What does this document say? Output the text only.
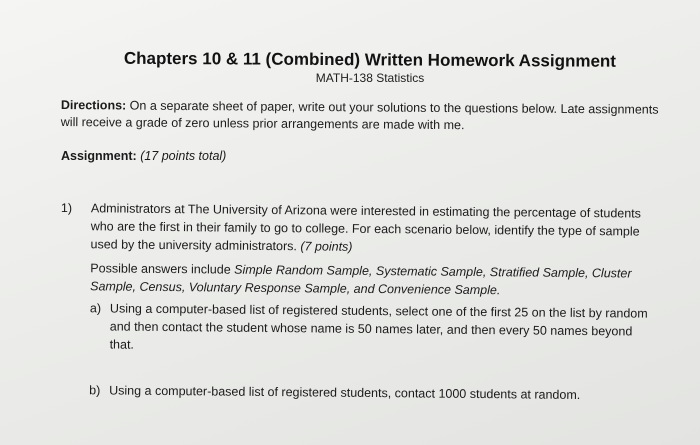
Chapters 10 & 11 (Combined) Written Homework Assignment
MATH-138 Statistics
Directions: On a separate sheet of paper, write out your solutions to the questions below. Late assignments will receive a grade of zero unless prior arrangements are made with me.
Assignment: (17 points total)
1) Administrators at The University of Arizona were interested in estimating the percentage of students who are the first in their family to go to college. For each scenario below, identify the type of sample used by the university administrators. (7 points)

Possible answers include Simple Random Sample, Systematic Sample, Stratified Sample, Cluster Sample, Census, Voluntary Response Sample, and Convenience Sample.

a) Using a computer-based list of registered students, select one of the first 25 on the list by random and then contact the student whose name is 50 names later, and then every 50 names beyond that.
b) Using a computer-based list of registered students, contact 1000 students at random.
